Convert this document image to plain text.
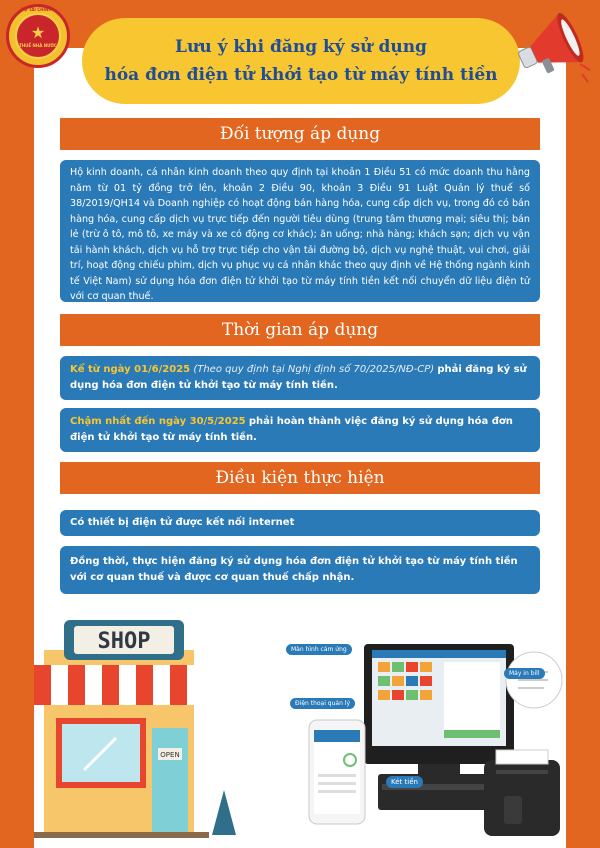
BỘ TÀI CHÍNH
★
THUẾ NHÀ NƯỚC	Lưu ý khi đăng ký sử dụng
hóa đơn điện tử khởi tạo từ máy tính tiền
Đối tượng áp dụng
Hộ kinh doanh, cá nhân kinh doanh theo quy định tại khoản 1 Điều 51 có mức doanh thu hằng năm từ 01 tỷ đồng trở lên, khoản 2 Điều 90, khoản 3 Điều 91 Luật Quản lý thuế số 38/2019/QH14 và Doanh nghiệp có hoạt động bán hàng hóa, cung cấp dịch vụ, trong đó có bán hàng hóa, cung cấp dịch vụ trực tiếp đến người tiêu dùng (trung tâm thương mại; siêu thị; bán lẻ (trừ ô tô, mô tô, xe máy và xe có động cơ khác); ăn uống; nhà hàng; khách sạn; dịch vụ vận tải hành khách, dịch vụ hỗ trợ trực tiếp cho vận tải đường bộ, dịch vụ nghệ thuật, vui chơi, giải trí, hoạt động chiếu phim, dịch vụ phục vụ cá nhân khác theo quy định về Hệ thống ngành kinh tế Việt Nam) sử dụng hóa đơn điện tử khởi tạo từ máy tính tiền kết nối chuyển dữ liệu điện tử với cơ quan thuế.
Thời gian áp dụng
Kể từ ngày 01/6/2025 (Theo quy định tại Nghị định số 70/2025/NĐ-CP) phải đăng ký sử dụng hóa đơn điện tử khởi tạo từ máy tính tiền.
Chậm nhất đến ngày 30/5/2025 phải hoàn thành việc đăng ký sử dụng hóa đơn điện tử khởi tạo từ máy tính tiền.
Điều kiện thực hiện
Có thiết bị điện tử được kết nối internet
Đồng thời, thực hiện đăng ký sử dụng hóa đơn điện tử khởi tạo từ máy tính tiền với cơ quan thuế và được cơ quan thuế chấp nhận.
SHOP
OPEN
Màn hình cảm ứng
Điện thoại quản lý
Máy in bill
Két tiền
